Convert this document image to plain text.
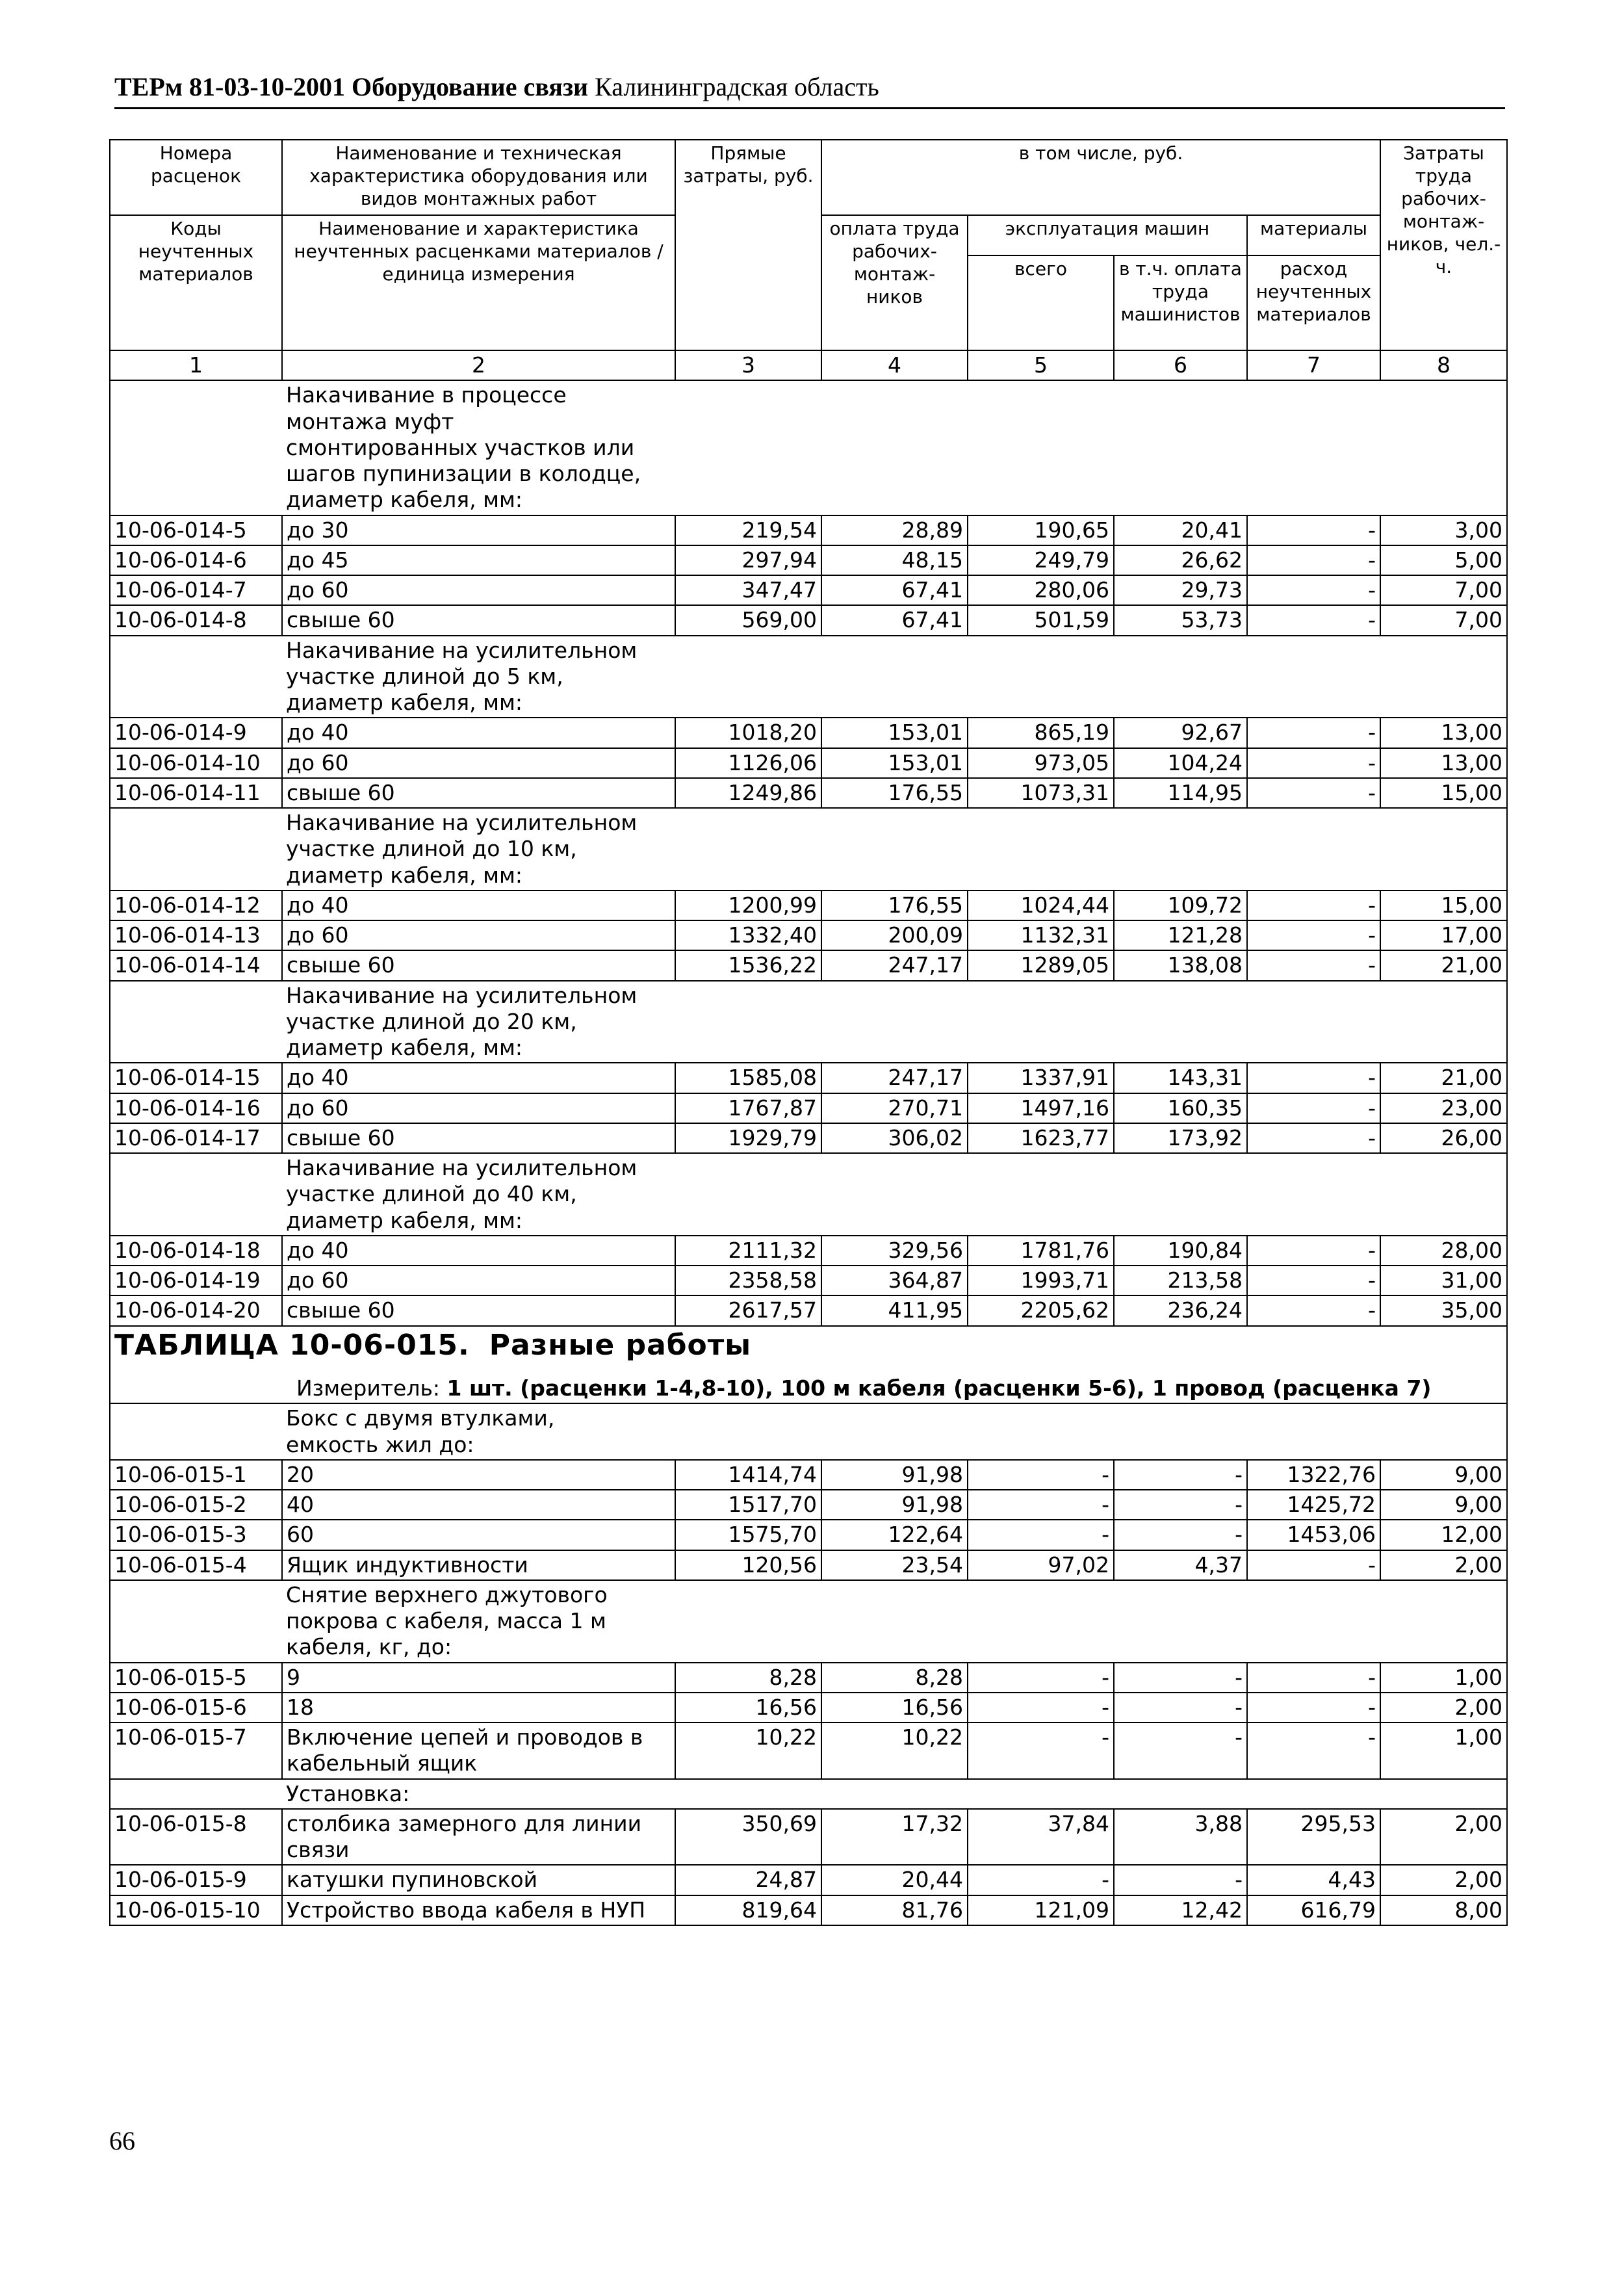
ТЕРм 81-03-10-2001 Оборудование связи Калининградская область
Номера расценок	Наименование и техническая характеристика оборудования или видов монтажных работ	Прямые затраты, руб.	в том числе, руб.				Затраты труда рабочих-монтаж-ников, чел.-ч.
Коды неучтенных материалов	Наименование и характеристика неучтенных расценками материалов / единица измерения		оплата труда рабочих-монтаж-ников	эксплуатация машин		материалы	
				всего	в т.ч. оплата труда машинистов	расход неучтенных материалов	
1	2	3	4	5	6	7	8

	Накачивание в процессе монтажа муфт смонтированных участков или шагов пупинизации в колодце, диаметр кабеля, мм:						

10-06-014-5	до 30	219,54	28,89	190,65	20,41	-	3,00
10-06-014-6	до 45	297,94	48,15	249,79	26,62	-	5,00
10-06-014-7	до 60	347,47	67,41	280,06	29,73	-	7,00
10-06-014-8	свыше 60	569,00	67,41	501,59	53,73	-	7,00

	Накачивание на усилительном участке длиной до 5 км, диаметр кабеля, мм:						

10-06-014-9	до 40	1018,20	153,01	865,19	92,67	-	13,00
10-06-014-10	до 60	1126,06	153,01	973,05	104,24	-	13,00
10-06-014-11	свыше 60	1249,86	176,55	1073,31	114,95	-	15,00

	Накачивание на усилительном участке длиной до 10 км, диаметр кабеля, мм:						

10-06-014-12	до 40	1200,99	176,55	1024,44	109,72	-	15,00
10-06-014-13	до 60	1332,40	200,09	1132,31	121,28	-	17,00
10-06-014-14	свыше 60	1536,22	247,17	1289,05	138,08	-	21,00

	Накачивание на усилительном участке длиной до 20 км, диаметр кабеля, мм:						

10-06-014-15	до 40	1585,08	247,17	1337,91	143,31	-	21,00
10-06-014-16	до 60	1767,87	270,71	1497,16	160,35	-	23,00
10-06-014-17	свыше 60	1929,79	306,02	1623,77	173,92	-	26,00

	Накачивание на усилительном участке длиной до 40 км, диаметр кабеля, мм:						

10-06-014-18	до 40	2111,32	329,56	1781,76	190,84	-	28,00
10-06-014-19	до 60	2358,58	364,87	1993,71	213,58	-	31,00
10-06-014-20	свыше 60	2617,57	411,95	2205,62	236,24	-	35,00

ТАБЛИЦА 10-06-015. Разные работы
Измеритель: 1 шт. (расценки 1-4,8-10), 100 м кабеля (расценки 5-6), 1 провод (расценка 7)							

	Бокс с двумя втулками, емкость жил до:						

10-06-015-1	20	1414,74	91,98	-	-	1322,76	9,00
10-06-015-2	40	1517,70	91,98	-	-	1425,72	9,00
10-06-015-3	60	1575,70	122,64	-	-	1453,06	12,00
10-06-015-4	Ящик индуктивности	120,56	23,54	97,02	4,37	-	2,00

	Снятие верхнего джутового покрова с кабеля, масса 1 м кабеля, кг, до:						

10-06-015-5	9	8,28	8,28	-	-	-	1,00
10-06-015-6	18	16,56	16,56	-	-	-	2,00
10-06-015-7	Включение цепей и проводов в кабельный ящик	10,22	10,22	-	-	-	1,00

	Установка:						

10-06-015-8	столбика замерного для линии связи	350,69	17,32	37,84	3,88	295,53	2,00
10-06-015-9	катушки пупиновской	24,87	20,44	-	-	4,43	2,00
10-06-015-10	Устройство ввода кабеля в НУП	819,64	81,76	121,09	12,42	616,79	8,00
66
